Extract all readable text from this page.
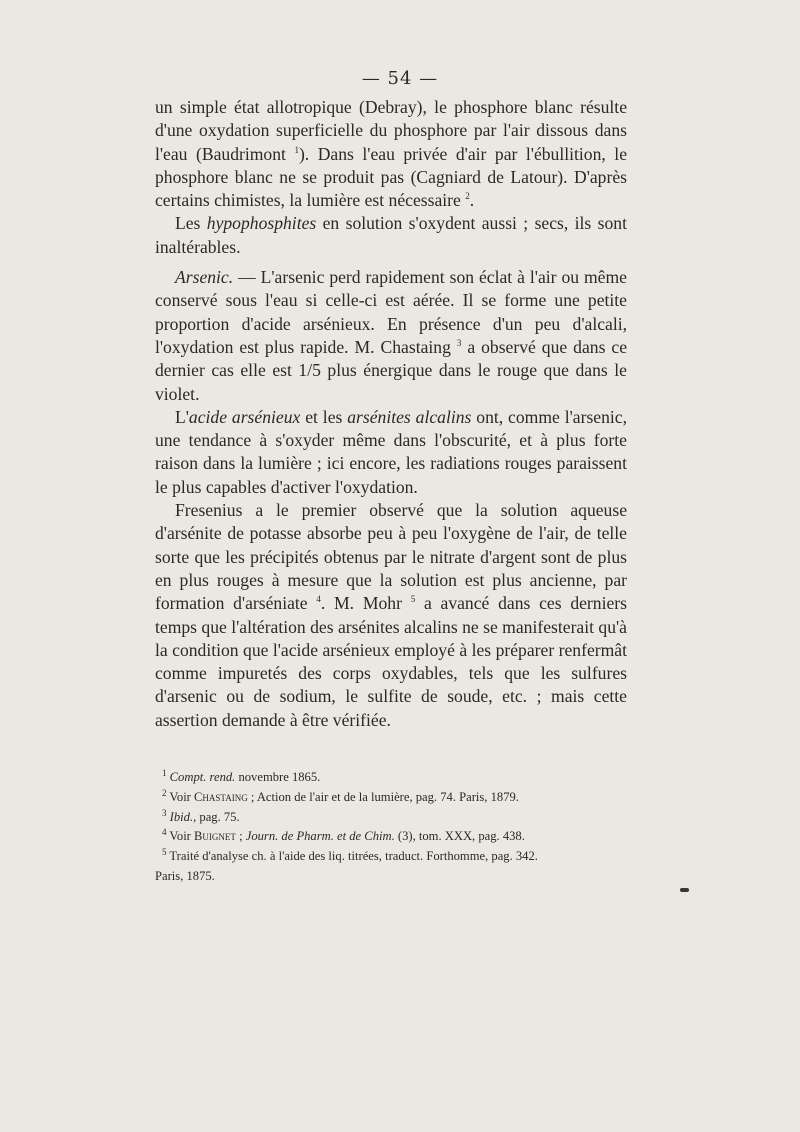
— 54 —

un simple état allotropique (Debray), le phosphore blanc résulte d'une oxydation superficielle du phosphore par l'air dissous dans l'eau (Baudrimont $^1$). Dans l'eau privée d'air par l'ébullition, le phosphore blanc ne se produit pas (Cagniard de Latour). D'après certains chimistes, la lumière est nécessaire $^2$.

Les hypophosphites en solution s'oxydent aussi ; secs, ils sont inaltérables.

Arsenic. — L'arsenic perd rapidement son éclat à l'air ou même conservé sous l'eau si celle-ci est aérée. Il se forme une petite proportion d'acide arsénieux. En présence d'un peu d'alcali, l'oxydation est plus rapide. M. Chastaing $^3$ a observé que dans ce dernier cas elle est 1/5 plus énergique dans le rouge que dans le violet.

L'acide arsénieux et les arsénites alcalins ont, comme l'arsenic, une tendance à s'oxyder même dans l'obscurité, et à plus forte raison dans la lumière ; ici encore, les radiations rouges paraissent le plus capables d'activer l'oxydation.

Fresenius a le premier observé que la solution aqueuse d'arsénite de potasse absorbe peu à peu l'oxygène de l'air, de telle sorte que les précipités obtenus par le nitrate d'argent sont de plus en plus rouges à mesure que la solution est plus ancienne, par formation d'arséniate $^4$. M. Mohr $^5$ a avancé dans ces derniers temps que l'altération des arsénites alcalins ne se manifesterait qu'à la condition que l'acide arsénieux employé à les préparer renfermât comme impuretés des corps oxydables, tels que les sulfures d'arsenic ou de sodium, le sulfite de soude, etc. ; mais cette assertion demande à être vérifiée.

$^1$ Compt. rend. novembre 1865.
$^2$ Voir Chastaing ; Action de l'air et de la lumière, pag. 74. Paris, 1879.
$^3$ Ibid., pag. 75.
$^4$ Voir Buignet ; Journ. de Pharm. et de Chim. (3), tom. XXX, pag. 438.
$^5$ Traité d'analyse ch. à l'aide des liq. titrées, traduct. Forthomme, pag. 342.
Paris, 1875.
